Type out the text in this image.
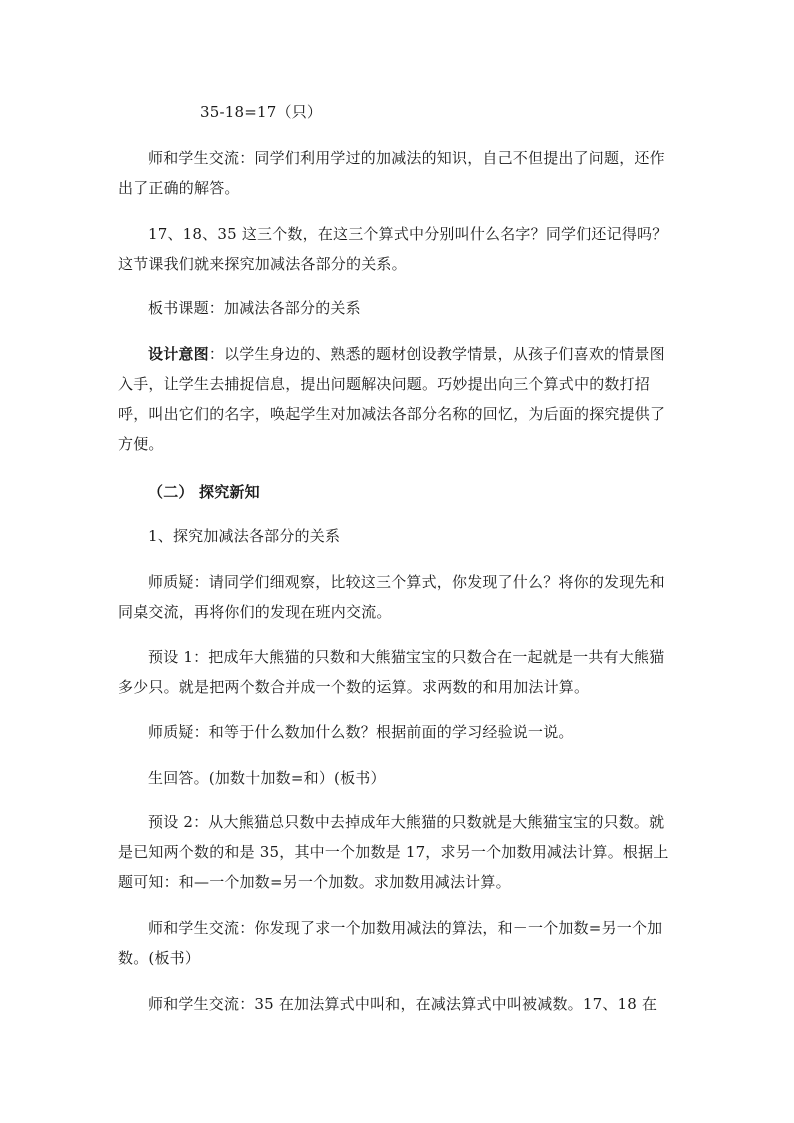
35-18=17（只）

师和学生交流：同学们利用学过的加减法的知识，自己不但提出了问题，还作出了正确的解答。

17、18、35 这三个数，在这三个算式中分别叫什么名字？同学们还记得吗？这节课我们就来探究加减法各部分的关系。

板书课题：加减法各部分的关系

设计意图：以学生身边的、熟悉的题材创设教学情景，从孩子们喜欢的情景图入手，让学生去捕捉信息，提出问题解决问题。巧妙提出向三个算式中的数打招呼，叫出它们的名字，唤起学生对加减法各部分名称的回忆，为后面的探究提供了方便。

（二） 探究新知

1、探究加减法各部分的关系

师质疑：请同学们细观察，比较这三个算式，你发现了什么？将你的发现先和同桌交流，再将你们的发现在班内交流。

预设 1：把成年大熊猫的只数和大熊猫宝宝的只数合在一起就是一共有大熊猫多少只。就是把两个数合并成一个数的运算。求两数的和用加法计算。

师质疑：和等于什么数加什么数？根据前面的学习经验说一说。

生回答。(加数十加数=和）(板书）

预设 2：从大熊猫总只数中去掉成年大熊猫的只数就是大熊猫宝宝的只数。就是已知两个数的和是 35，其中一个加数是 17，求另一个加数用减法计算。根据上题可知：和—一个加数=另一个加数。求加数用减法计算。

师和学生交流：你发现了求一个加数用减法的算法，和－一个加数=另一个加数。(板书）

师和学生交流：35 在加法算式中叫和，在减法算式中叫被减数。17、18 在
